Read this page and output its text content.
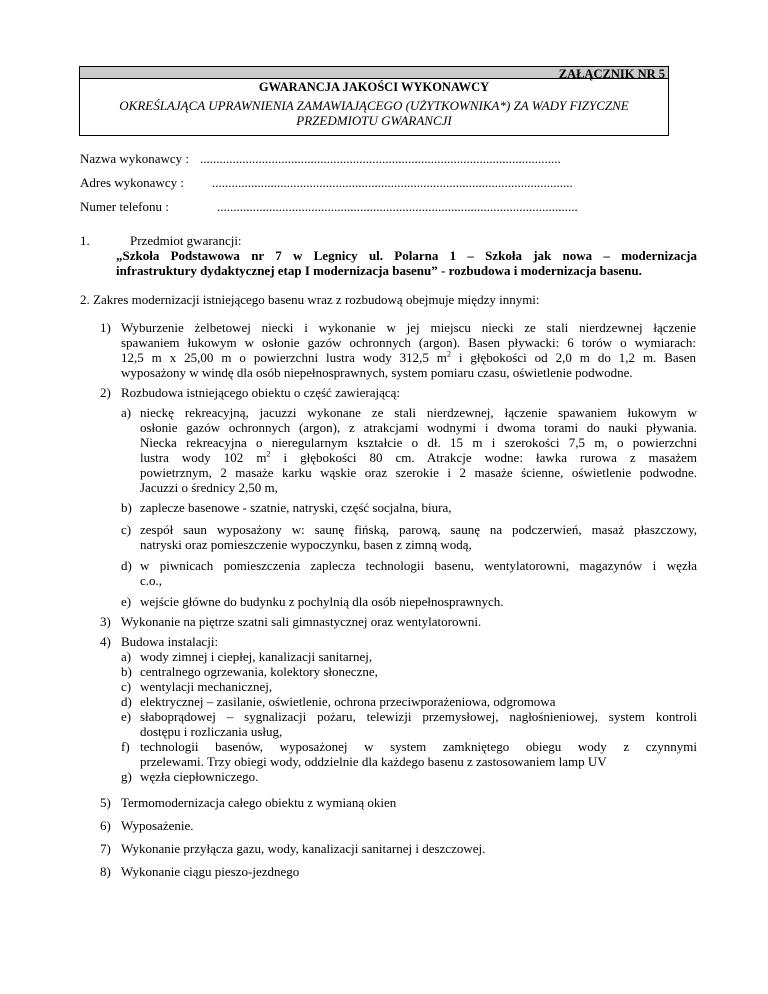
ZAŁĄCZNIK NR 5
GWARANCJA JAKOŚCI WYKONAWCY
OKREŚLAJĄCA UPRAWNIENIA ZAMAWIAJĄCEGO (UŻYTKOWNIKA*) ZA WADY FIZYCZNE
PRZEDMIOTU GWARANCJI
Nazwa wykonawcy : ...............................................................................................................
Adres wykonawcy : ...............................................................................................................
Numer telefonu :	...............................................................................................................
1.	Przedmiot gwarancji:
„Szkoła Podstawowa nr 7 w Legnicy ul. Polarna 1 – Szkoła jak nowa – modernizacja
infrastruktury dydaktycznej etap I modernizacja basenu” - rozbudowa i modernizacja basenu.
2. Zakres modernizacji istniejącego basenu wraz z rozbudową obejmuje między innymi:
1) Wyburzenie żelbetowej niecki i wykonanie w jej miejscu niecki ze stali nierdzewnej łączenie
spawaniem łukowym w osłonie gazów ochronnych (argon). Basen pływacki: 6 torów o wymiarach:
12,5 m x 25,00 m o powierzchni lustra wody 312,5 $m^2$ i głębokości od 2,0 m do 1,2 m. Basen
wyposażony w windę dla osób niepełnosprawnych, system pomiaru czasu, oświetlenie podwodne.
2) Rozbudowa istniejącego obiektu o część zawierającą:
a) nieckę rekreacyjną, jacuzzi wykonane ze stali nierdzewnej, łączenie spawaniem łukowym w
osłonie gazów ochronnych (argon), z atrakcjami wodnymi i dwoma torami do nauki pływania.
Niecka rekreacyjna o nieregularnym kształcie o dł. 15 m i szerokości 7,5 m, o powierzchni
lustra wody 102 $m^2$ i głębokości 80 cm. Atrakcje wodne: ławka rurowa z masażem
powietrznym, 2 masaże karku wąskie oraz szerokie i 2 masaże ścienne, oświetlenie podwodne.
Jacuzzi o średnicy 2,50 m,
b) zaplecze basenowe - szatnie, natryski, część socjalna, biura,
c) zespół saun wyposażony w: saunę fińską, parową, saunę na podczerwień, masaż płaszczowy,
natryski oraz pomieszczenie wypoczynku, basen z zimną wodą,
d) w piwnicach pomieszczenia zaplecza technologii basenu, wentylatorowni, magazynów i węzła
c.o.,
e) wejście główne do budynku z pochylnią dla osób niepełnosprawnych.
3) Wykonanie na piętrze szatni sali gimnastycznej oraz wentylatorowni.
4) Budowa instalacji:
a) wody zimnej i ciepłej, kanalizacji sanitarnej,
b) centralnego ogrzewania, kolektory słoneczne,
c) wentylacji mechanicznej,
d) elektrycznej – zasilanie, oświetlenie, ochrona przeciwporażeniowa, odgromowa
e) słaboprądowej – sygnalizacji pożaru, telewizji przemysłowej, nagłośnieniowej, system kontroli
dostępu i rozliczania usług,
f) technologii basenów, wyposażonej w system zamkniętego obiegu wody z czynnymi
przelewami. Trzy obiegi wody, oddzielnie dla każdego basenu z zastosowaniem lamp UV
g) węzła ciepłowniczego.
5) Termomodernizacja całego obiektu z wymianą okien
6) Wyposażenie.
7) Wykonanie przyłącza gazu, wody, kanalizacji sanitarnej i deszczowej.
8) Wykonanie ciągu pieszo-jezdnego
